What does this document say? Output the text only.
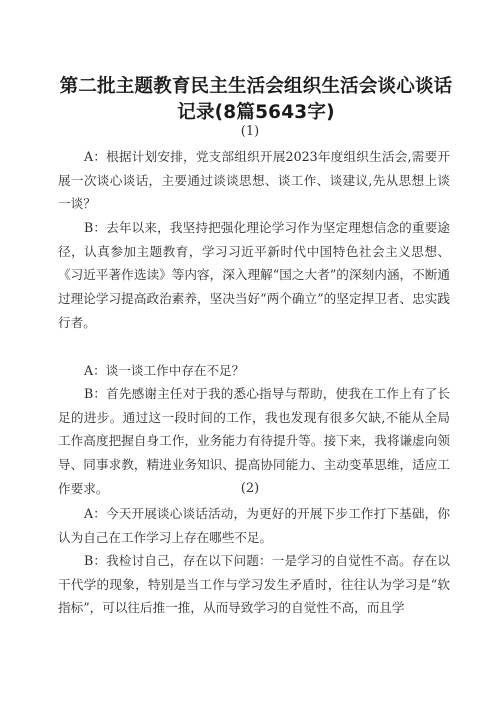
第二批主题教育民主生活会组织生活会谈心谈话记录(8篇5643字)
(1)

A：根据计划安排，党支部组织开展2023年度组织生活会,需要开展一次谈心谈话，主要通过谈谈思想、谈工作、谈建议,先从思想上谈一谈？

B：去年以来，我坚持把强化理论学习作为坚定理想信念的重要途径，认真参加主题教育，学习习近平新时代中国特色社会主义思想、《习近平著作选读》等内容，深入理解“国之大者”的深刻内涵，不断通过理论学习提高政治素养，坚决当好“两个确立”的坚定捍卫者、忠实践行者。

A：谈一谈工作中存在不足？

B：首先感谢主任对于我的悉心指导与帮助，使我在工作上有了长足的进步。通过这一段时间的工作，我也发现有很多欠缺,不能从全局工作高度把握自身工作，业务能力有待提升等。接下来，我将谦虚向领导、同事求教，精进业务知识、提高协同能力、主动变革思维，适应工作要求。	(2)

A：今天开展谈心谈话活动，为更好的开展下步工作打下基础，你认为自己在工作学习上存在哪些不足。

B：我检讨自己，存在以下问题：一是学习的自觉性不高。存在以干代学的现象，特别是当工作与学习发生矛盾时，往往认为学习是“软指标”，可以往后推一推，从而导致学习的自觉性不高，而且学
